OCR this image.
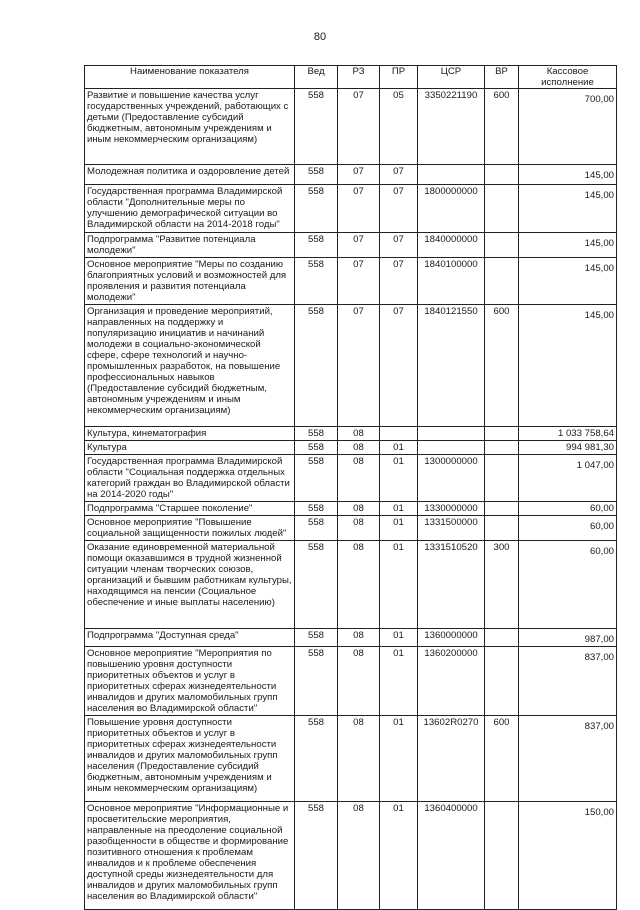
80
Наименование показателя	Вед	РЗ	ПР	ЦСР	ВР	Кассовое исполнение
Развитие и повышение качества услуг государственных учреждений, работающих с детьми (Предоставление субсидий бюджетным, автономным учреждениям и иным некоммерческим организациям)	558	07	05	3350221190	600	700,00

Молодежная политика и оздоровление детей	558	07	07			145,00

Государственная программа Владимирской области "Дополнительные меры по улучшению демографической ситуации во Владимирской области на 2014-2018 годы"	558	07	07	1800000000		145,00

Подпрограмма "Развитие потенциала молодежи"	558	07	07	1840000000		145,00

Основное мероприятие "Меры по созданию благоприятных условий и возможностей для проявления и развития потенциала молодежи"	558	07	07	1840100000		145,00

Организация и проведение мероприятий, направленных на поддержку и популяризацию инициатив и начинаний молодежи в социально-экономической сфере, сфере технологий и научно-промышленных разработок, на повышение профессиональных навыков (Предоставление субсидий бюджетным, автономным учреждениям и иным некоммерческим организациям)	558	07	07	1840121550	600	145,00

Культура, кинематография	558	08				1 033 758,64

Культура	558	08	01			994 981,30

Государственная программа Владимирской области "Социальная поддержка отдельных категорий граждан во Владимирской области на 2014-2020 годы"	558	08	01	1300000000		1 047,00

Подпрограмма "Старшее поколение"	558	08	01	1330000000		60,00

Основное мероприятие "Повышение социальной защищенности пожилых людей"	558	08	01	1331500000		60,00

Оказание единовременной материальной помощи оказавшимся в трудной жизненной ситуации членам творческих союзов, организаций и бывшим работникам культуры, находящимся на пенсии (Социальное обеспечение и иные выплаты населению)	558	08	01	1331510520	300	60,00

Подпрограмма "Доступная среда"	558	08	01	1360000000		987,00

Основное мероприятие "Мероприятия по повышению уровня доступности приоритетных объектов и услуг в приоритетных сферах жизнедеятельности инвалидов и других маломобильных групп населения во Владимирской области"	558	08	01	1360200000		837,00

Повышение уровня доступности приоритетных объектов и услуг в приоритетных сферах жизнедеятельности инвалидов и других маломобильных групп населения (Предоставление субсидий бюджетным, автономным учреждениям и иным некоммерческим организациям)	558	08	01	13602R0270	600	837,00

Основное мероприятие "Информационные и просветительские мероприятия, направленные на преодоление социальной разобщенности в обществе и формирование позитивного отношения к проблемам инвалидов и к проблеме обеспечения доступной среды жизнедеятельности для инвалидов и других маломобильных групп населения во Владимирской области"	558	08	01	1360400000		150,00
